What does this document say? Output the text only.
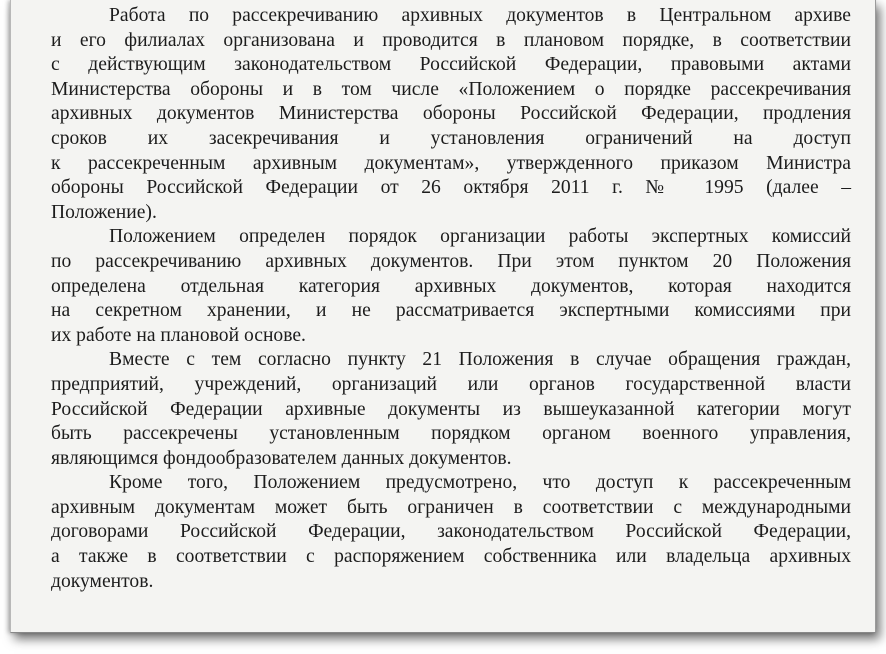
Работа по рассекречиванию архивных документов в Центральном архиве
и его филиалах организована и проводится в плановом порядке, в соответствии
с действующим законодательством Российской Федерации, правовыми актами
Министерства обороны и в том числе «Положением о порядке рассекречивания
архивных документов Министерства обороны Российской Федерации, продления
сроков их засекречивания и установления ограничений на доступ
к рассекреченным архивным документам», утвержденного приказом Министра
обороны Российской Федерации от 26 октября 2011 г. № 1995 (далее –
Положение).
Положением определен порядок организации работы экспертных комиссий
по рассекречиванию архивных документов. При этом пунктом 20 Положения
определена отдельная категория архивных документов, которая находится
на секретном хранении, и не рассматривается экспертными комиссиями при
их работе на плановой основе.
Вместе с тем согласно пункту 21 Положения в случае обращения граждан,
предприятий, учреждений, организаций или органов государственной власти
Российской Федерации архивные документы из вышеуказанной категории могут
быть рассекречены установленным порядком органом военного управления,
являющимся фондообразователем данных документов.
Кроме того, Положением предусмотрено, что доступ к рассекреченным
архивным документам может быть ограничен в соответствии с международными
договорами Российской Федерации, законодательством Российской Федерации,
а также в соответствии с распоряжением собственника или владельца архивных
документов.
